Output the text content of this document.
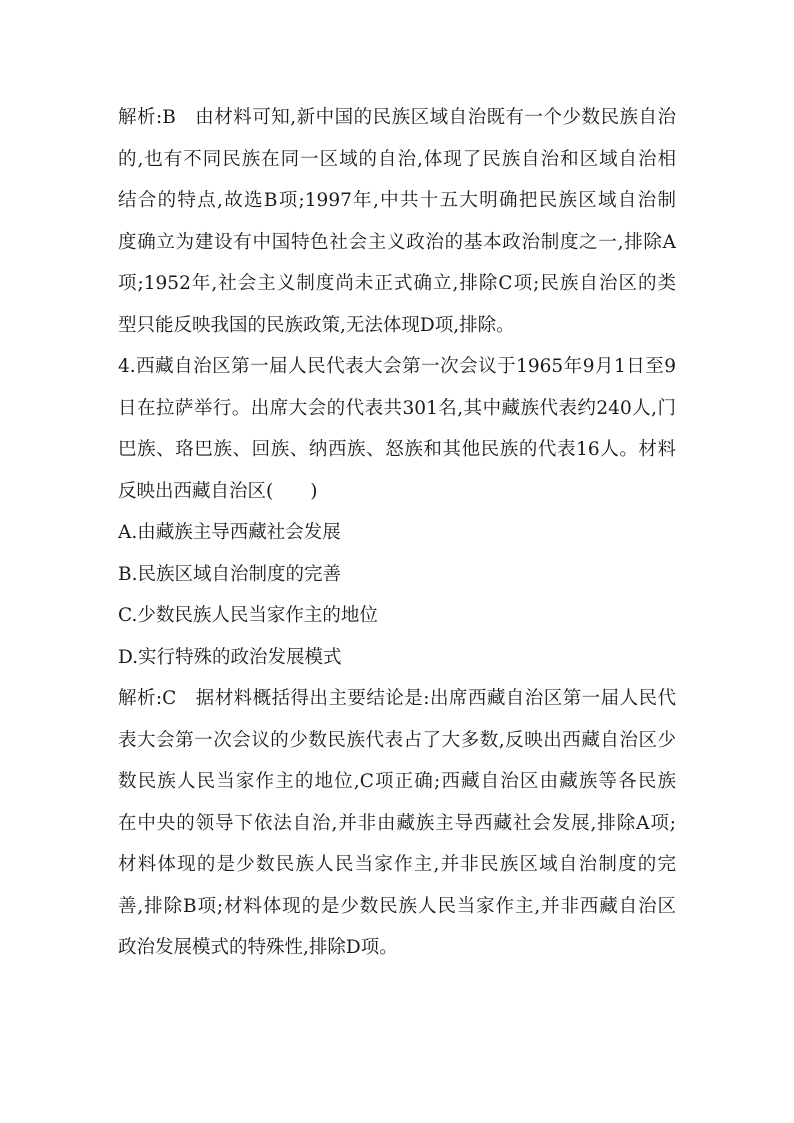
解析:B　由材料可知,新中国的民族区域自治既有一个少数民族自治
的,也有不同民族在同一区域的自治,体现了民族自治和区域自治相
结合的特点,故选B项;1997年,中共十五大明确把民族区域自治制
度确立为建设有中国特色社会主义政治的基本政治制度之一,排除A
项;1952年,社会主义制度尚未正式确立,排除C项;民族自治区的类
型只能反映我国的民族政策,无法体现D项,排除。
4.西藏自治区第一届人民代表大会第一次会议于1965年9月1日至9
日在拉萨举行。出席大会的代表共301名,其中藏族代表约240人,门
巴族、珞巴族、回族、纳西族、怒族和其他民族的代表16人。材料
反映出西藏自治区(　　)
A.由藏族主导西藏社会发展
B.民族区域自治制度的完善
C.少数民族人民当家作主的地位
D.实行特殊的政治发展模式
解析:C　据材料概括得出主要结论是:出席西藏自治区第一届人民代
表大会第一次会议的少数民族代表占了大多数,反映出西藏自治区少
数民族人民当家作主的地位,C项正确;西藏自治区由藏族等各民族
在中央的领导下依法自治,并非由藏族主导西藏社会发展,排除A项;
材料体现的是少数民族人民当家作主,并非民族区域自治制度的完
善,排除B项;材料体现的是少数民族人民当家作主,并非西藏自治区
政治发展模式的特殊性,排除D项。
